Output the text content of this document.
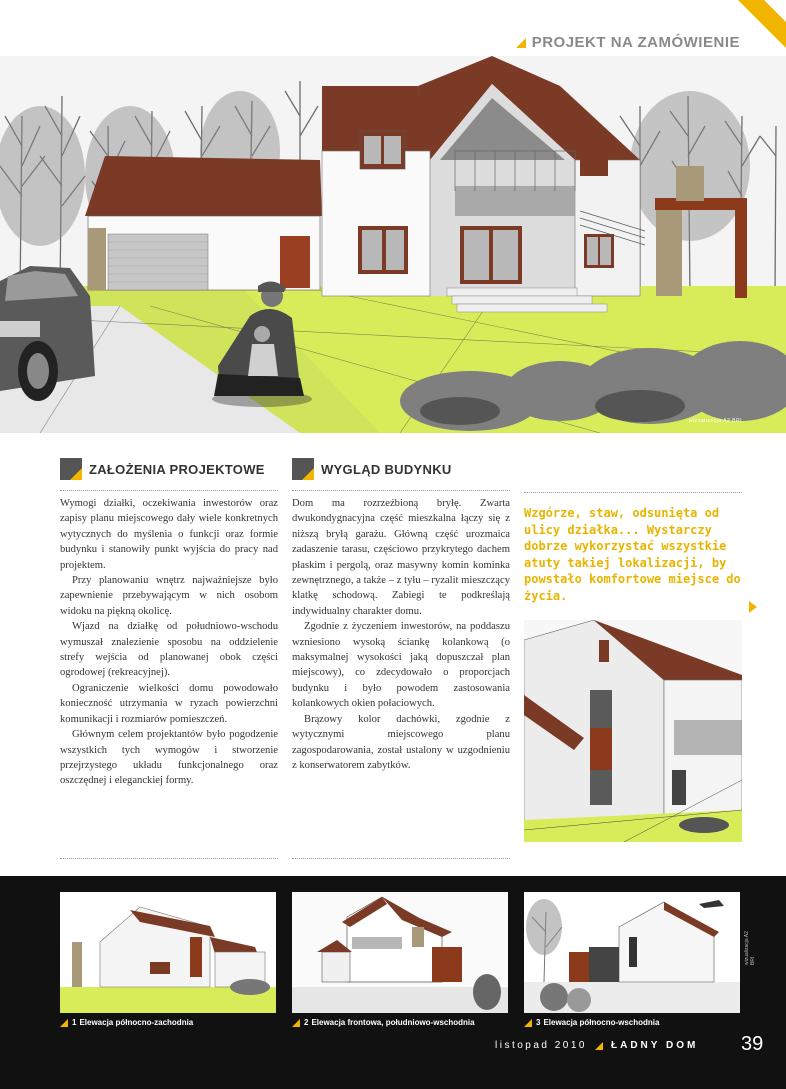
PROJEKT NA ZAMÓWIENIE
wizualizacja A2 BRI
ZAŁOŻENIA PROJEKTOWE

Wymogi działki, oczekiwania inwestorów oraz zapisy planu miejscowego dały wiele konkretnych wytycznych do myślenia o funkcji oraz formie budynku i stanowiły punkt wyjścia do pracy nad projektem.

Przy planowaniu wnętrz najważniejsze było zapewnienie przebywającym w nich osobom widoku na piękną okolicę.

Wjazd na działkę od południowo-wschodu wymuszał znalezienie sposobu na oddzielenie strefy wejścia od planowanej obok części ogrodowej (rekreacyjnej).

Ograniczenie wielkości domu powodowało konieczność utrzymania w ryzach powierzchni komunikacji i rozmiarów pomieszczeń.

Głównym celem projektantów było pogodzenie wszystkich tych wymogów i stworzenie przejrzystego układu funkcjonalnego oraz oszczędnej i eleganckiej formy.

WYGLĄD BUDYNKU

Dom ma rozrzeźbioną bryłę. Zwarta dwukondygnacyjna część mieszkalna łączy się z niższą bryłą garażu. Główną część urozmaica zadaszenie tarasu, częściowo przykrytego dachem płaskim i pergolą, oraz masywny komin kominka zewnętrznego, a także – z tyłu – ryzalit mieszczący klatkę schodową. Zabiegi te podkreślają indywidualny charakter domu.

Zgodnie z życzeniem inwestorów, na poddaszu wzniesiono wysoką ściankę kolankową (o maksymalnej wysokości jaką dopuszczał plan miejscowy), co zdecydowało o proporcjach budynku i było powodem zastosowania kolankowych okien połaciowych.

Brązowy kolor dachówki, zgodnie z wytycznymi miejscowego planu zagospodarowania, został ustalony w uzgodnieniu z konserwatorem zabytków.

Wzgórze, staw, odsunięta od ulicy działka... Wystarczy dobrze wykorzystać wszystkie atuty takiej lokalizacji, by powstało komfortowe miejsce do życia.
1 Elewacja północno-zachodnia	2 Elewacja frontowa, południowo-wschodnia	3 Elewacja północno-wschodnia
wizualizacja A2 BRI
listopad 2010 ŁADNY DOM 39
